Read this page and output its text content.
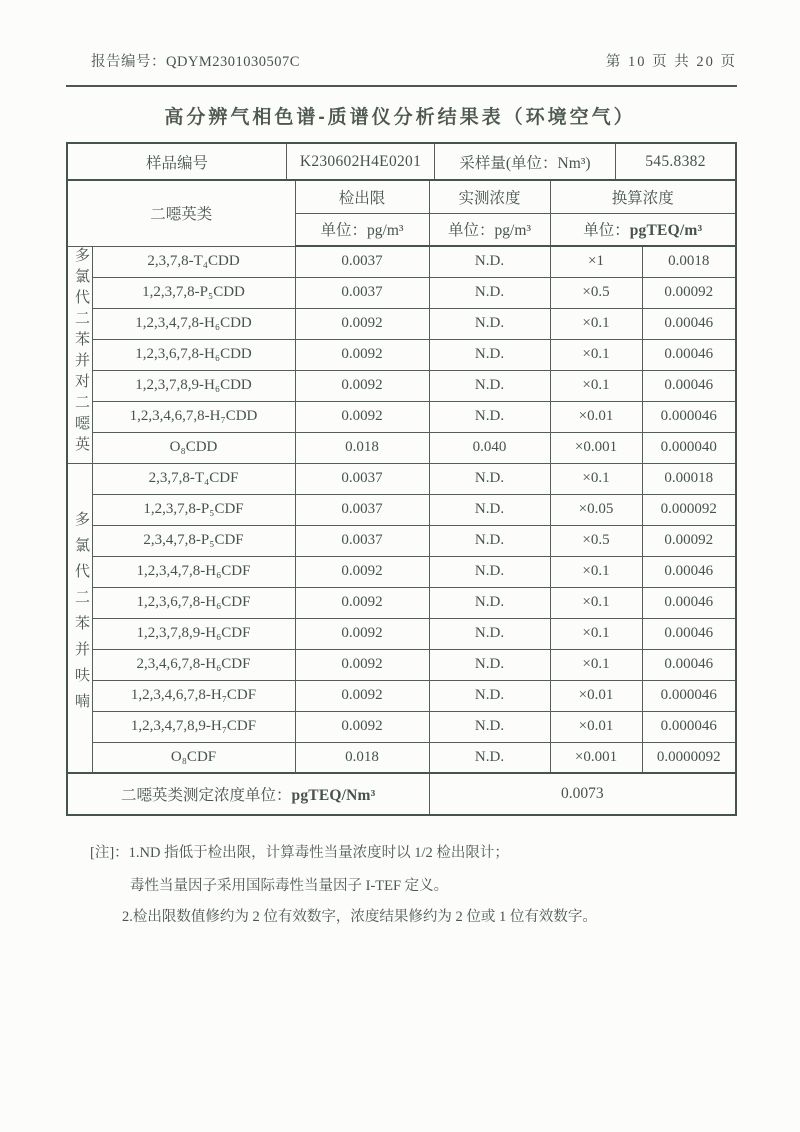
报告编号：QDYM2301030507C	第 10 页 共 20 页
高分辨气相色谱-质谱仪分析结果表（环境空气）
样品编号	K230602H4E0201	采样量(单位：Nm³)	545.8382
二噁英类		检出限	实测浓度	换算浓度	
		单位：pg/m³	单位：pg/m³	单位：pgTEQ/m³	
多氯代二苯并对二噁英	2,3,7,8-T₄CDD	0.0037	N.D.	×1	0.0018
	1,2,3,7,8-P₅CDD	0.0037	N.D.	×0.5	0.00092
	1,2,3,4,7,8-H₆CDD	0.0092	N.D.	×0.1	0.00046
	1,2,3,6,7,8-H₆CDD	0.0092	N.D.	×0.1	0.00046
	1,2,3,7,8,9-H₆CDD	0.0092	N.D.	×0.1	0.00046
	1,2,3,4,6,7,8-H₇CDD	0.0092	N.D.	×0.01	0.000046
	O₈CDD	0.018	0.040	×0.001	0.000040
多氯代二苯并呋喃	2,3,7,8-T₄CDF	0.0037	N.D.	×0.1	0.00018
	1,2,3,7,8-P₅CDF	0.0037	N.D.	×0.05	0.000092
	2,3,4,7,8-P₅CDF	0.0037	N.D.	×0.5	0.00092
	1,2,3,4,7,8-H₆CDF	0.0092	N.D.	×0.1	0.00046
	1,2,3,6,7,8-H₆CDF	0.0092	N.D.	×0.1	0.00046
	1,2,3,7,8,9-H₆CDF	0.0092	N.D.	×0.1	0.00046
	2,3,4,6,7,8-H₆CDF	0.0092	N.D.	×0.1	0.00046
	1,2,3,4,6,7,8-H₇CDF	0.0092	N.D.	×0.01	0.000046
	1,2,3,4,7,8,9-H₇CDF	0.0092	N.D.	×0.01	0.000046
	O₈CDF	0.018	N.D.	×0.001	0.0000092
二噁英类测定浓度单位：pgTEQ/Nm³			0.0073		
[注]：1.ND 指低于检出限，计算毒性当量浓度时以 1/2 检出限计；
毒性当量因子采用国际毒性当量因子 I-TEF 定义。
2.检出限数值修约为 2 位有效数字，浓度结果修约为 2 位或 1 位有效数字。
